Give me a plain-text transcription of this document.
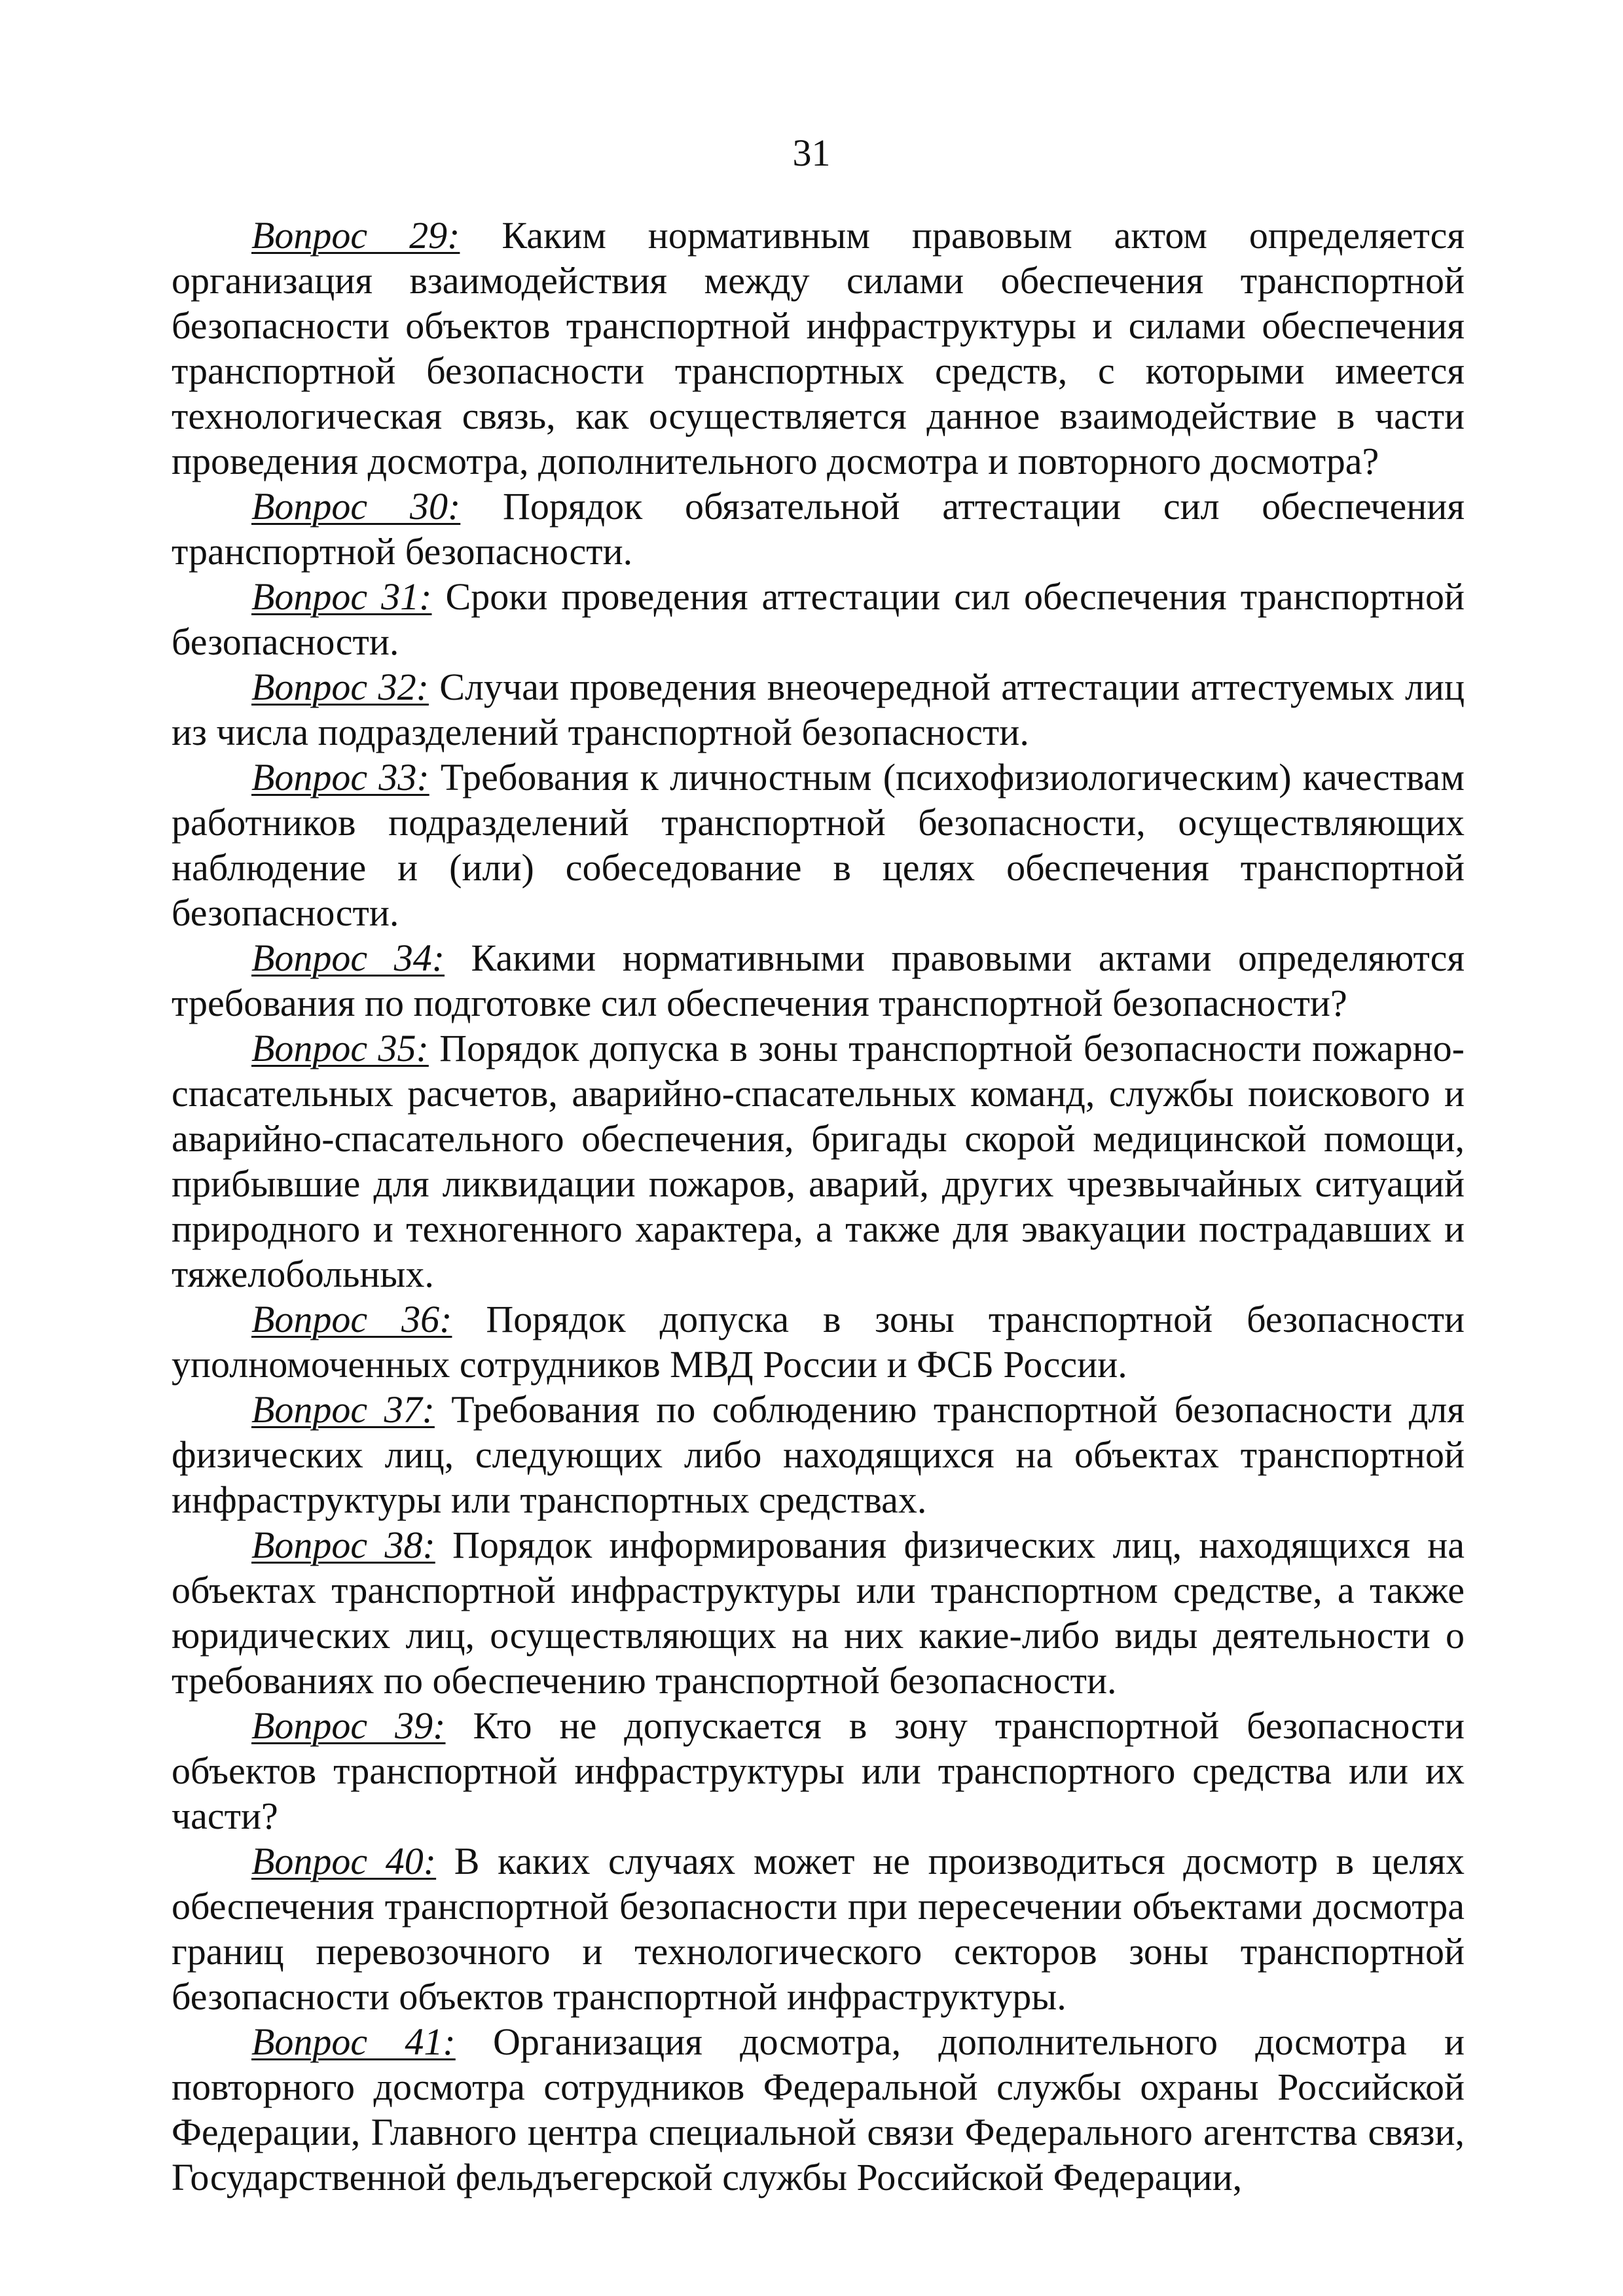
31

Вопрос 29: Каким нормативным правовым актом определяется организация взаимодействия между силами обеспечения транспортной безопасности объектов транспортной инфраструктуры и силами обеспечения транспортной безопасности транспортных средств, с которыми имеется технологическая связь, как осуществляется данное взаимодействие в части проведения досмотра, дополнительного досмотра и повторного досмотра?

Вопрос 30: Порядок обязательной аттестации сил обеспечения транспортной безопасности.

Вопрос 31: Сроки проведения аттестации сил обеспечения транспортной безопасности.

Вопрос 32: Случаи проведения внеочередной аттестации аттестуемых лиц из числа подразделений транспортной безопасности.

Вопрос 33: Требования к личностным (психофизиологическим) качествам работников подразделений транспортной безопасности, осуществляющих наблюдение и (или) собеседование в целях обеспечения транспортной безопасности.

Вопрос 34: Какими нормативными правовыми актами определяются требования по подготовке сил обеспечения транспортной безопасности?

Вопрос 35: Порядок допуска в зоны транспортной безопасности пожарно-спасательных расчетов, аварийно-спасательных команд, службы поискового и аварийно-спасательного обеспечения, бригады скорой медицинской помощи, прибывшие для ликвидации пожаров, аварий, других чрезвычайных ситуаций природного и техногенного характера, а также для эвакуации пострадавших и тяжелобольных.

Вопрос 36: Порядок допуска в зоны транспортной безопасности уполномоченных сотрудников МВД России и ФСБ России.

Вопрос 37: Требования по соблюдению транспортной безопасности для физических лиц, следующих либо находящихся на объектах транспортной инфраструктуры или транспортных средствах.

Вопрос 38: Порядок информирования физических лиц, находящихся на объектах транспортной инфраструктуры или транспортном средстве, а также юридических лиц, осуществляющих на них какие-либо виды деятельности о требованиях по обеспечению транспортной безопасности.

Вопрос 39: Кто не допускается в зону транспортной безопасности объектов транспортной инфраструктуры или транспортного средства или их части?

Вопрос 40: В каких случаях может не производиться досмотр в целях обеспечения транспортной безопасности при пересечении объектами досмотра границ перевозочного и технологического секторов зоны транспортной безопасности объектов транспортной инфраструктуры.

Вопрос 41: Организация досмотра, дополнительного досмотра и повторного досмотра сотрудников Федеральной службы охраны Российской Федерации, Главного центра специальной связи Федерального агентства связи, Государственной фельдъегерской службы Российской Федерации,
